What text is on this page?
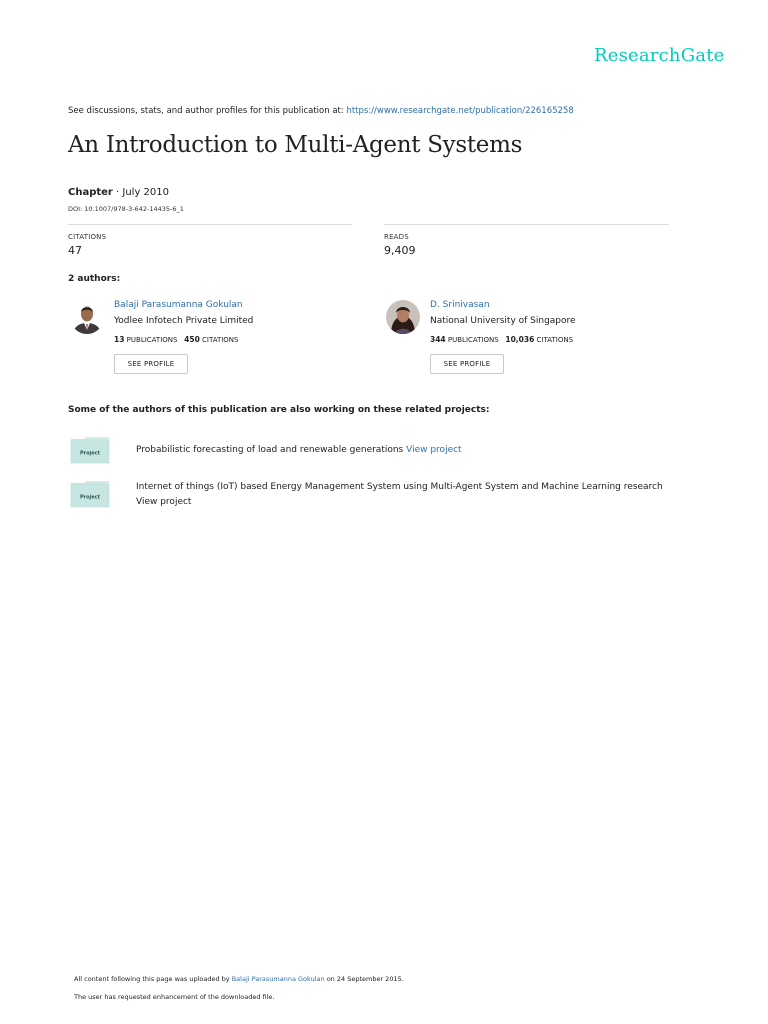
ResearchGate
See discussions, stats, and author profiles for this publication at: https://www.researchgate.net/publication/226165258
An Introduction to Multi-Agent Systems
Chapter · July 2010
DOI: 10.1007/978-3-642-14435-6_1
CITATIONS
47
READS
9,409
2 authors:
Balaji Parasumanna Gokulan
Yodlee Infotech Private Limited
13 PUBLICATIONS 450 CITATIONS
SEE PROFILE
D. Srinivasan
National University of Singapore
344 PUBLICATIONS 10,036 CITATIONS
SEE PROFILE
Some of the authors of this publication are also working on these related projects:
Project	Probabilistic forecasting of load and renewable generations View project
Project
Internet of things (IoT) based Energy Management System using Multi-Agent System and Machine Learning research
View project
All content following this page was uploaded by Balaji Parasumanna Gokulan on 24 September 2015.
The user has requested enhancement of the downloaded file.
